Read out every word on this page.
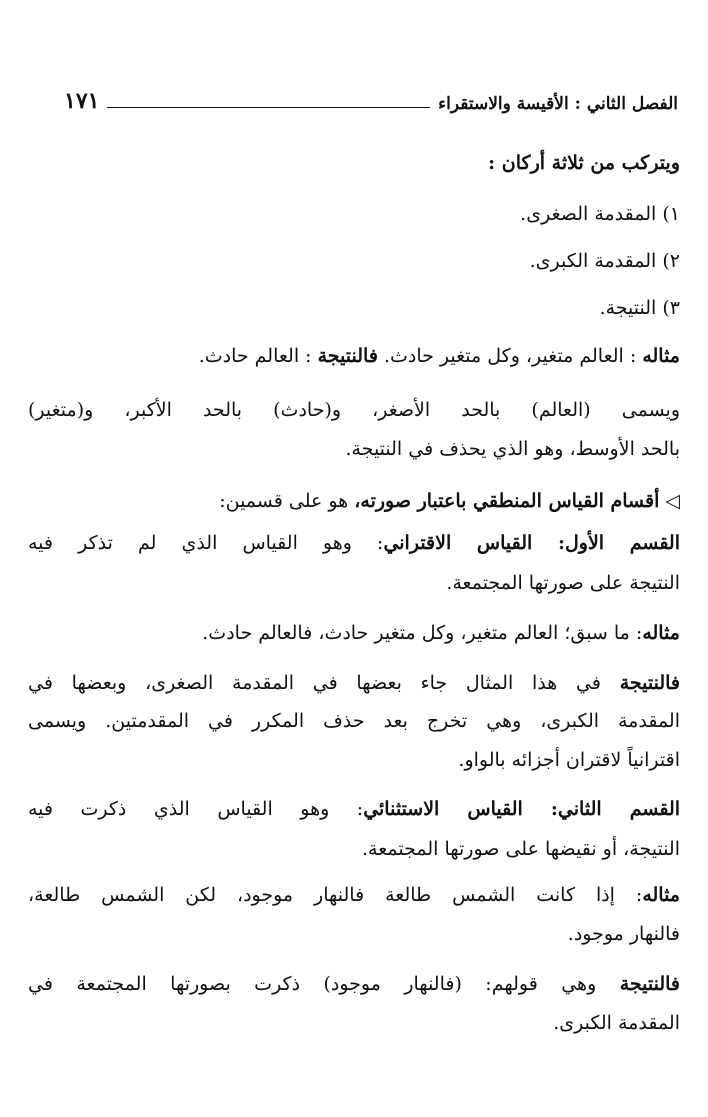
الفصل الثاني : الأقيسة والاستقراء
١٧١
ويتركب من ثلاثة أركان :
١) المقدمة الصغرى.
٢) المقدمة الكبرى.
٣) النتيجة.
مثاله : العالم متغير، وكل متغير حادث. فالنتيجة : العالم حادث.
ويسمى (العالم) بالحد الأصغر، و(حادث) بالحد الأكبر، و(متغير)
بالحد الأوسط، وهو الذي يحذف في النتيجة.
◁أقسام القياس المنطقي باعتبار صورته، هو على قسمين:
القسم الأول: القياس الاقتراني: وهو القياس الذي لم تذكر فيه
النتيجة على صورتها المجتمعة.
مثاله: ما سبق؛ العالم متغير، وكل متغير حادث، فالعالم حادث.
فالنتيجة في هذا المثال جاء بعضها في المقدمة الصغرى، وبعضها في
المقدمة الكبرى، وهي تخرج بعد حذف المكرر في المقدمتين. ويسمى
اقترانياً لاقتران أجزائه بالواو.
القسم الثاني: القياس الاستثنائي: وهو القياس الذي ذكرت فيه
النتيجة، أو نقيضها على صورتها المجتمعة.
مثاله: إذا كانت الشمس طالعة فالنهار موجود، لكن الشمس طالعة،
فالنهار موجود.
فالنتيجة وهي قولهم: (فالنهار موجود) ذكرت بصورتها المجتمعة في
المقدمة الكبرى.
